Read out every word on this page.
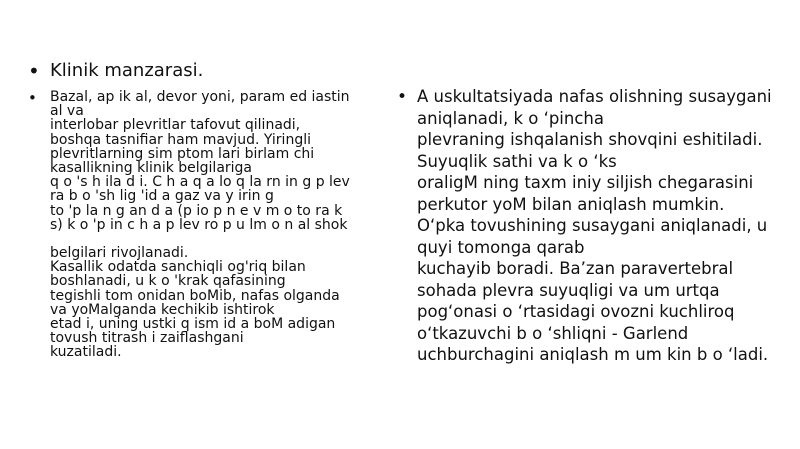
• Klinik manzarasi.
• Bazal, ap ik al, devor yoni, param ed iastin
al va
interlobar plevritlar tafovut qilinadi,
boshqa tasnifiar ham mavjud. Yiringli
plevritlarning sim ptom lari birlam chi
kasallikning klinik belgilariga
q o 's h ila d i. C h a q a lo q la rn in g p lev
ra b o 'sh lig 'id a gaz va y irin g
to 'p la n g an d a (p io p n e v m o to ra k
s) k o 'p in c h a p lev ro p u lm o n al shok
belgilari rivojlanadi.
Kasallik odatda sanchiqli og'riq bilan
boshlanadi, u k o 'krak qafasining
tegishli tom onidan boMib, nafas olganda
va yoMalganda kechikib ishtirok
etad i, uning ustki q ism id a boM adigan
tovush titrash i zaiflashgani
kuzatiladi.
• A uskultatsiyada nafas olishning susaygani
aniqlanadi, k o ‘pincha
plevraning ishqalanish shovqini eshitiladi.
Suyuqlik sathi va k o ‘ks
oraligM ning taxm iniy siljish chegarasini
perkutor yoM bilan aniqlash mumkin.
O‘pka tovushining susaygani aniqlanadi, u
quyi tomonga qarab
kuchayib boradi. Ba’zan paravertebral
sohada plevra suyuqligi va um urtqa
pog‘onasi o ‘rtasidagi ovozni kuchliroq
o‘tkazuvchi b o ‘shliqni - Garlend
uchburchagini aniqlash m um kin b o ‘ladi.
